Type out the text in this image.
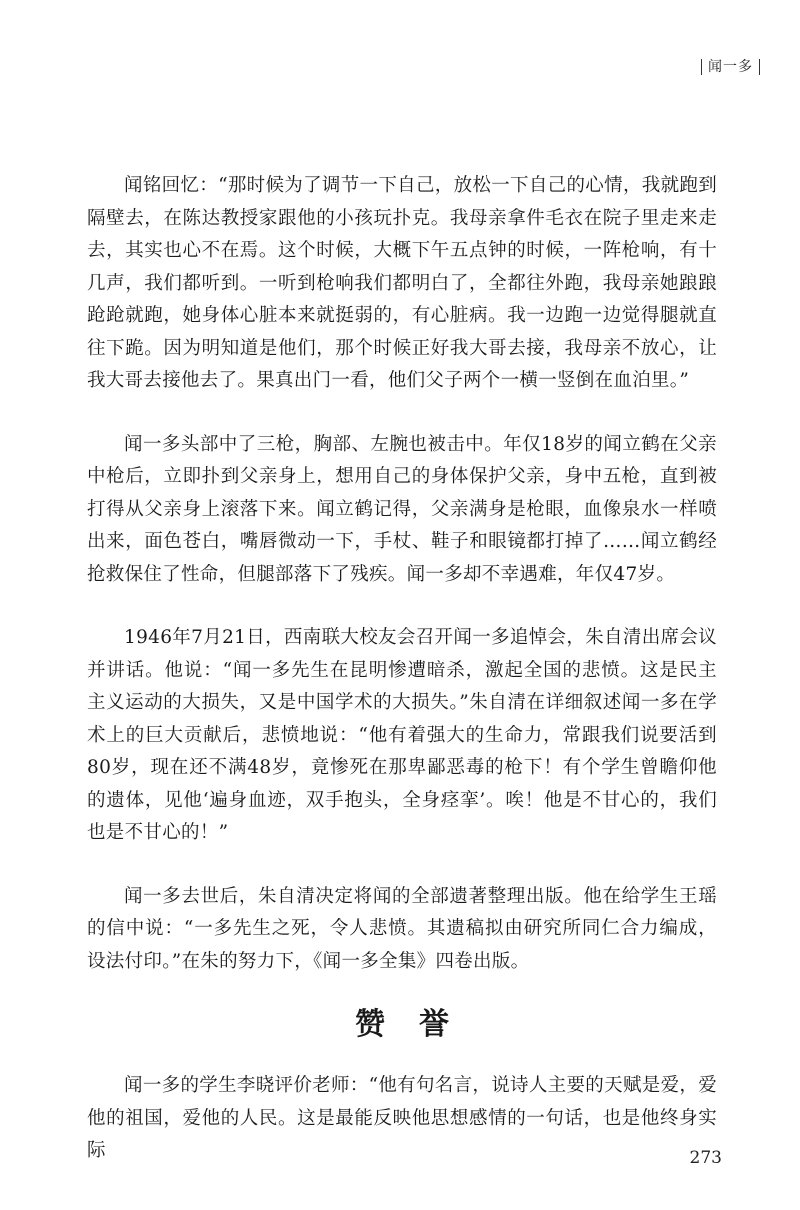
闻一多

闻铭回忆：“那时候为了调节一下自己，放松一下自己的心情，我就跑到隔壁去，在陈达教授家跟他的小孩玩扑克。我母亲拿件毛衣在院子里走来走去，其实也心不在焉。这个时候，大概下午五点钟的时候，一阵枪响，有十几声，我们都听到。一听到枪响我们都明白了，全都往外跑，我母亲她踉踉跄跄就跑，她身体心脏本来就挺弱的，有心脏病。我一边跑一边觉得腿就直往下跪。因为明知道是他们，那个时候正好我大哥去接，我母亲不放心，让我大哥去接他去了。果真出门一看，他们父子两个一横一竖倒在血泊里。”

闻一多头部中了三枪，胸部、左腕也被击中。年仅18岁的闻立鹤在父亲中枪后，立即扑到父亲身上，想用自己的身体保护父亲，身中五枪，直到被打得从父亲身上滚落下来。闻立鹤记得，父亲满身是枪眼，血像泉水一样喷出来，面色苍白，嘴唇微动一下，手杖、鞋子和眼镜都打掉了……闻立鹤经抢救保住了性命，但腿部落下了残疾。闻一多却不幸遇难，年仅47岁。

1946年7月21日，西南联大校友会召开闻一多追悼会，朱自清出席会议并讲话。他说：“闻一多先生在昆明惨遭暗杀，激起全国的悲愤。这是民主主义运动的大损失，又是中国学术的大损失。”朱自清在详细叙述闻一多在学术上的巨大贡献后，悲愤地说：“他有着强大的生命力，常跟我们说要活到80岁，现在还不满48岁，竟惨死在那卑鄙恶毒的枪下！有个学生曾瞻仰他的遗体，见他‘遍身血迹，双手抱头，全身痉挛’。唉！他是不甘心的，我们也是不甘心的！”

闻一多去世后，朱自清决定将闻的全部遗著整理出版。他在给学生王瑶的信中说：“一多先生之死，令人悲愤。其遗稿拟由研究所同仁合力编成，设法付印。”在朱的努力下，《闻一多全集》四卷出版。

赞誉

闻一多的学生李晓评价老师：“他有句名言，说诗人主要的天赋是爱，爱他的祖国，爱他的人民。这是最能反映他思想感情的一句话，也是他终身实际	273
